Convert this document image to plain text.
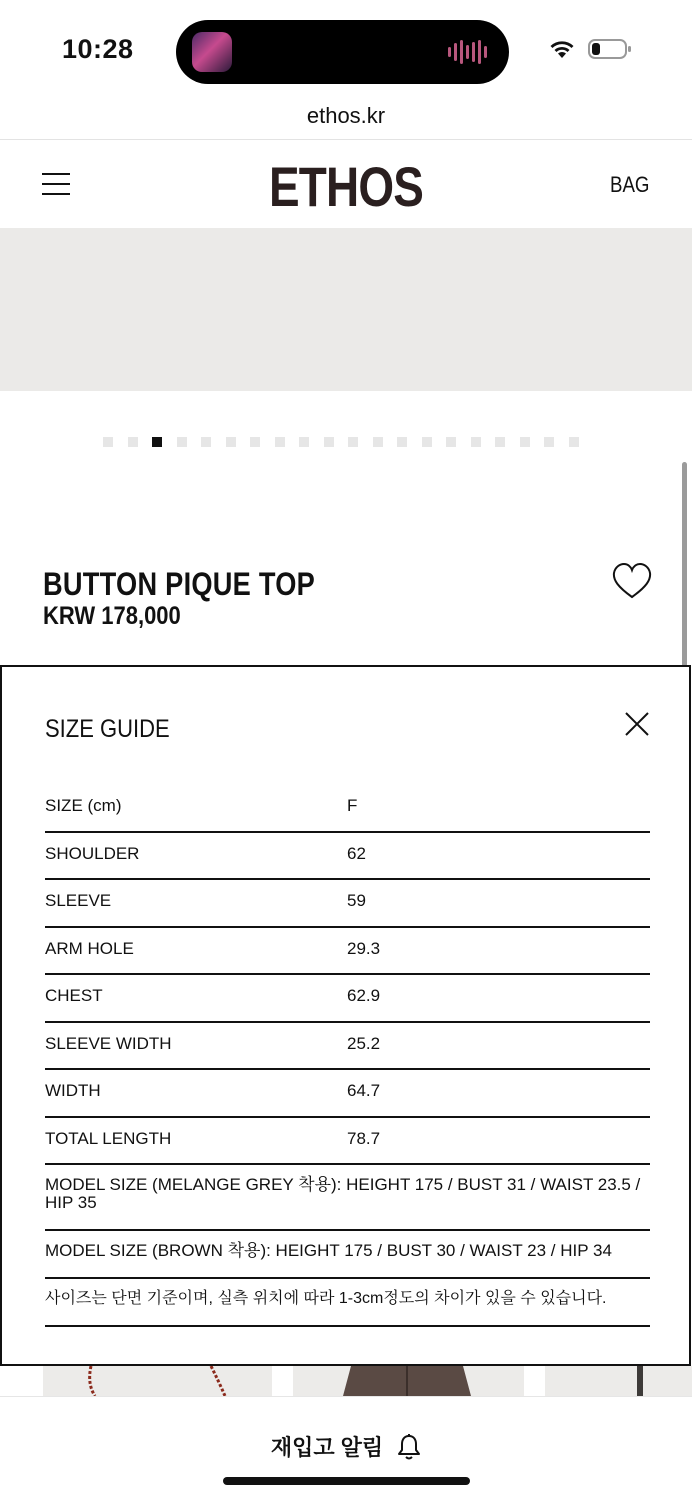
10:28
ethos.kr
ETHOS	BAG
BUTTON PIQUE TOP
KRW 178,000
SIZE GUIDE
SIZE (cm)	F
SHOULDER	62
SLEEVE	59
ARM HOLE	29.3
CHEST	62.9
SLEEVE WIDTH	25.2
WIDTH	64.7
TOTAL LENGTH	78.7
MODEL SIZE (MELANGE GREY 착용): HEIGHT 175 / BUST 31 / WAIST 23.5 / HIP 35
MODEL SIZE (BROWN 착용): HEIGHT 175 / BUST 30 / WAIST 23 / HIP 34
사이즈는 단면 기준이며, 실측 위치에 따라 1-3cm정도의 차이가 있을 수 있습니다.
재입고 알림
